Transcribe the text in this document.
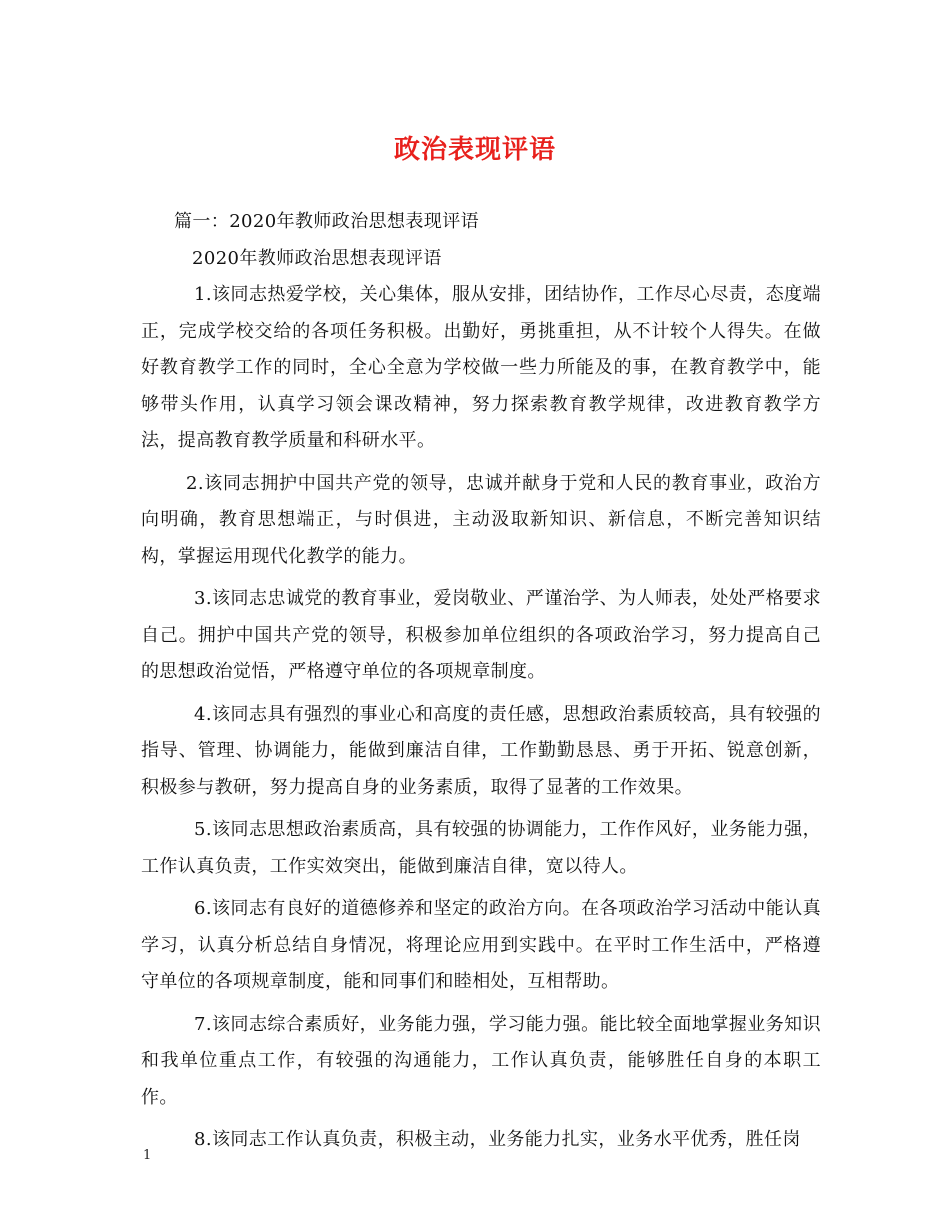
政治表现评语

篇一：2020年教师政治思想表现评语

2020年教师政治思想表现评语

1.该同志热爱学校，关心集体，服从安排，团结协作，工作尽心尽责，态度端正，完成学校交给的各项任务积极。出勤好，勇挑重担，从不计较个人得失。在做好教育教学工作的同时，全心全意为学校做一些力所能及的事，在教育教学中，能够带头作用，认真学习领会课改精神，努力探索教育教学规律，改进教育教学方法，提高教育教学质量和科研水平。

2.该同志拥护中国共产党的领导，忠诚并献身于党和人民的教育事业，政治方向明确，教育思想端正，与时俱进，主动汲取新知识、新信息，不断完善知识结构，掌握运用现代化教学的能力。

3.该同志忠诚党的教育事业，爱岗敬业、严谨治学、为人师表，处处严格要求自己。拥护中国共产党的领导，积极参加单位组织的各项政治学习，努力提高自己的思想政治觉悟，严格遵守单位的各项规章制度。

4.该同志具有强烈的事业心和高度的责任感，思想政治素质较高，具有较强的指导、管理、协调能力，能做到廉洁自律，工作勤勤恳恳、勇于开拓、锐意创新，积极参与教研，努力提高自身的业务素质，取得了显著的工作效果。

5.该同志思想政治素质高，具有较强的协调能力，工作作风好，业务能力强，工作认真负责，工作实效突出，能做到廉洁自律，宽以待人。

6.该同志有良好的道德修养和坚定的政治方向。在各项政治学习活动中能认真学习，认真分析总结自身情况，将理论应用到实践中。在平时工作生活中，严格遵守单位的各项规章制度，能和同事们和睦相处，互相帮助。

7.该同志综合素质好，业务能力强，学习能力强。能比较全面地掌握业务知识和我单位重点工作，有较强的沟通能力，工作认真负责，能够胜任自身的本职工作。

8.该同志工作认真负责，积极主动，业务能力扎实，业务水平优秀，胜任岗

1
